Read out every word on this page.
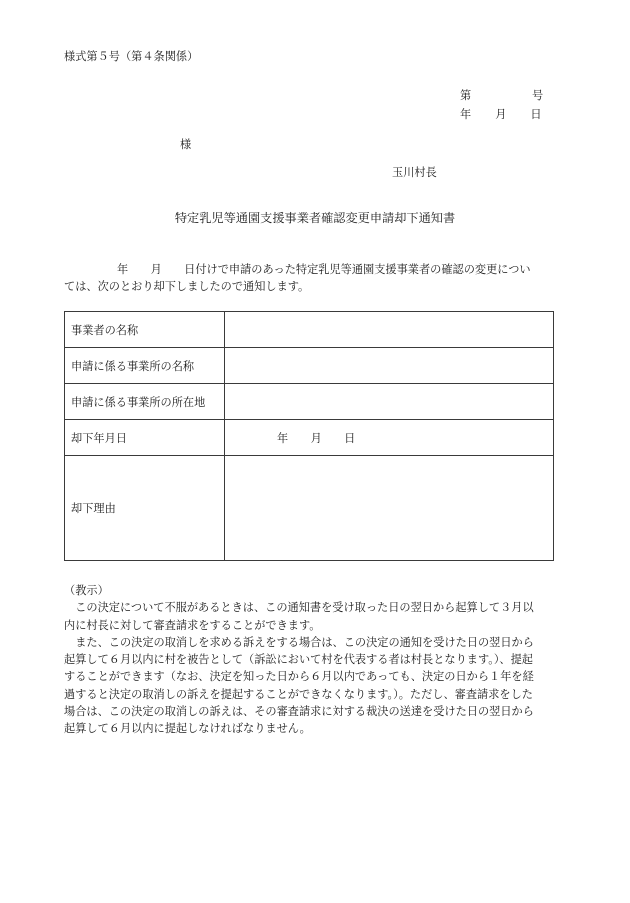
様式第５号（第４条関係）
第	号
年 月 日
様
玉川村長
特定乳児等通園支援事業者確認変更申請却下通知書
年　　月　　日付けで申請のあった特定乳児等通園支援事業者の確認の変更につい
ては、次のとおり却下しましたので通知します。
事業者の名称	
申請に係る事業所の名称	
申請に係る事業所の所在地	
却下年月日	年　　月　　日
却下理由	
（教示）
　この決定について不服があるときは、この通知書を受け取った日の翌日から起算して３月以
内に村長に対して審査請求をすることができます。
　また、この決定の取消しを求める訴えをする場合は、この決定の通知を受けた日の翌日から
起算して６月以内に村を被告として（訴訟において村を代表する者は村長となります。）、提起
することができます（なお、決定を知った日から６月以内であっても、決定の日から１年を経
過すると決定の取消しの訴えを提起することができなくなります。）。ただし、審査請求をした
場合は、この決定の取消しの訴えは、その審査請求に対する裁決の送達を受けた日の翌日から
起算して６月以内に提起しなければなりません。
